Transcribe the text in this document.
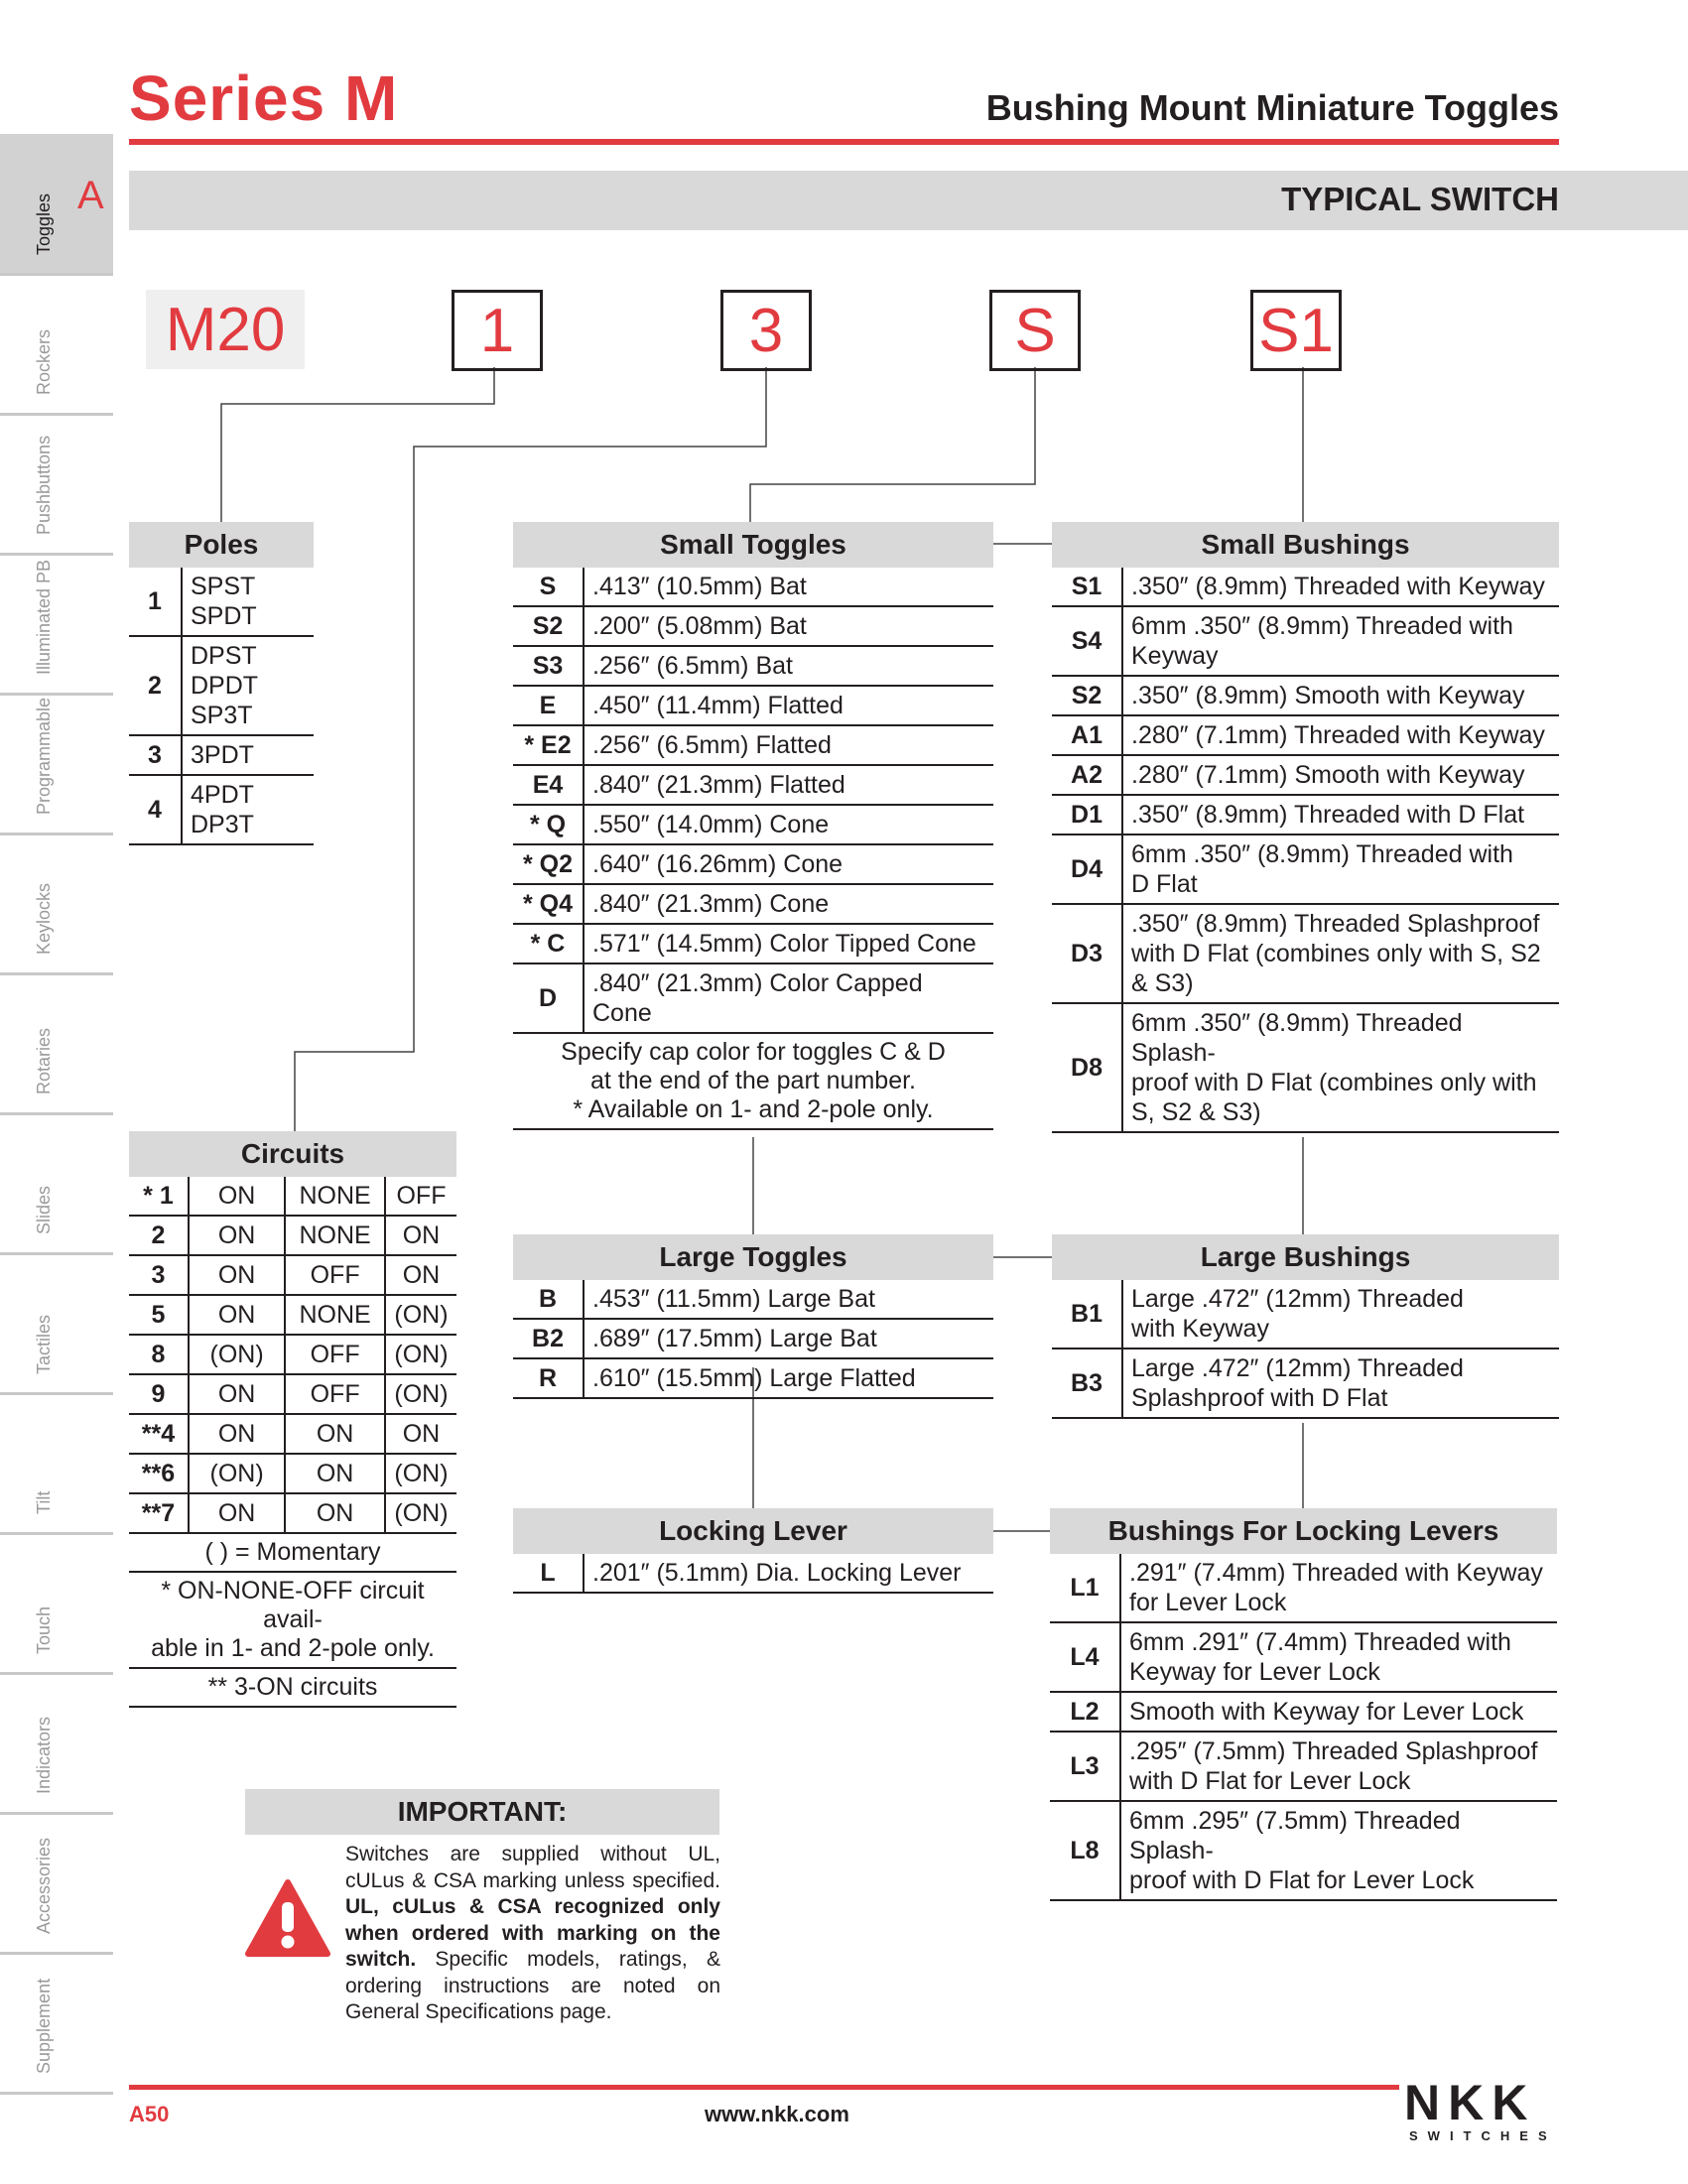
Series M	Bushing Mount Miniature Toggles
TYPICAL SWITCH
Toggles A
Rockers
Pushbuttons
Illuminated PB
Programmable
Keylocks
Rotaries
Slides
Tactiles
Tilt
Touch
Indicators
Accessories
Supplement
M20	1	3	S	S1
Poles	
1	SPST
SPDT
2	DPST
DPDT
SP3T
3	3PDT
4	4PDT
DP3T
Circuits			
* 1	ON	NONE	OFF
2	ON	NONE	ON
3	ON	OFF	ON
5	ON	NONE	(ON)
8	(ON)	OFF	(ON)
9	ON	OFF	(ON)
**4	ON	ON	ON
**6	(ON)	ON	(ON)
**7	ON	ON	(ON)
( ) = Momentary			
* ON-NONE-OFF circuit avail-
able in 1- and 2-pole only.			
** 3-ON circuits			
Small Toggles	
S	.413″ (10.5mm) Bat
S2	.200″ (5.08mm) Bat
S3	.256″ (6.5mm) Bat
E	.450″ (11.4mm) Flatted
* E2	.256″ (6.5mm) Flatted
E4	.840″ (21.3mm) Flatted
* Q	.550″ (14.0mm) Cone
* Q2	.640″ (16.26mm) Cone
* Q4	.840″ (21.3mm) Cone
* C	.571″ (14.5mm) Color Tipped Cone
D	.840″ (21.3mm) Color Capped Cone
Specify cap color for toggles C & D
at the end of the part number.
* Available on 1- and 2-pole only.	
Small Bushings	
S1	.350″ (8.9mm) Threaded with Keyway
S4	6mm .350″ (8.9mm) Threaded with
Keyway
S2	.350″ (8.9mm) Smooth with Keyway
A1	.280″ (7.1mm) Threaded with Keyway
A2	.280″ (7.1mm) Smooth with Keyway
D1	.350″ (8.9mm) Threaded with D Flat
D4	6mm .350″ (8.9mm) Threaded with
D Flat
D3	.350″ (8.9mm) Threaded Splashproof
with D Flat (combines only with S, S2
& S3)
D8	6mm .350″ (8.9mm) Threaded Splash-
proof with D Flat (combines only with
S, S2 & S3)
Large Toggles	
B	.453″ (11.5mm) Large Bat
B2	.689″ (17.5mm) Large Bat
R	.610″ (15.5mm) Large Flatted
Large Bushings	
B1	Large .472″ (12mm) Threaded
with Keyway
B3	Large .472″ (12mm) Threaded
Splashproof with D Flat
Locking Lever
L	.201″ (5.1mm) Dia. Locking Lever
Bushings For Locking Levers	
L1	.291″ (7.4mm) Threaded with Keyway
for Lever Lock
L4	6mm .291″ (7.4mm) Threaded with
Keyway for Lever Lock
L2	Smooth with Keyway for Lever Lock
L3	.295″ (7.5mm) Threaded Splashproof
with D Flat for Lever Lock
L8	6mm .295″ (7.5mm) Threaded Splash-
proof with D Flat for Lever Lock
IMPORTANT:
Switches are supplied without UL, cULus & CSA marking unless specified. UL, cULus & CSA recognized only when ordered with marking on the switch. Specific models, ratings, & ordering instructions are noted on General Specifications page.
A50	www.nkk.com	NKK
SWITCHES
